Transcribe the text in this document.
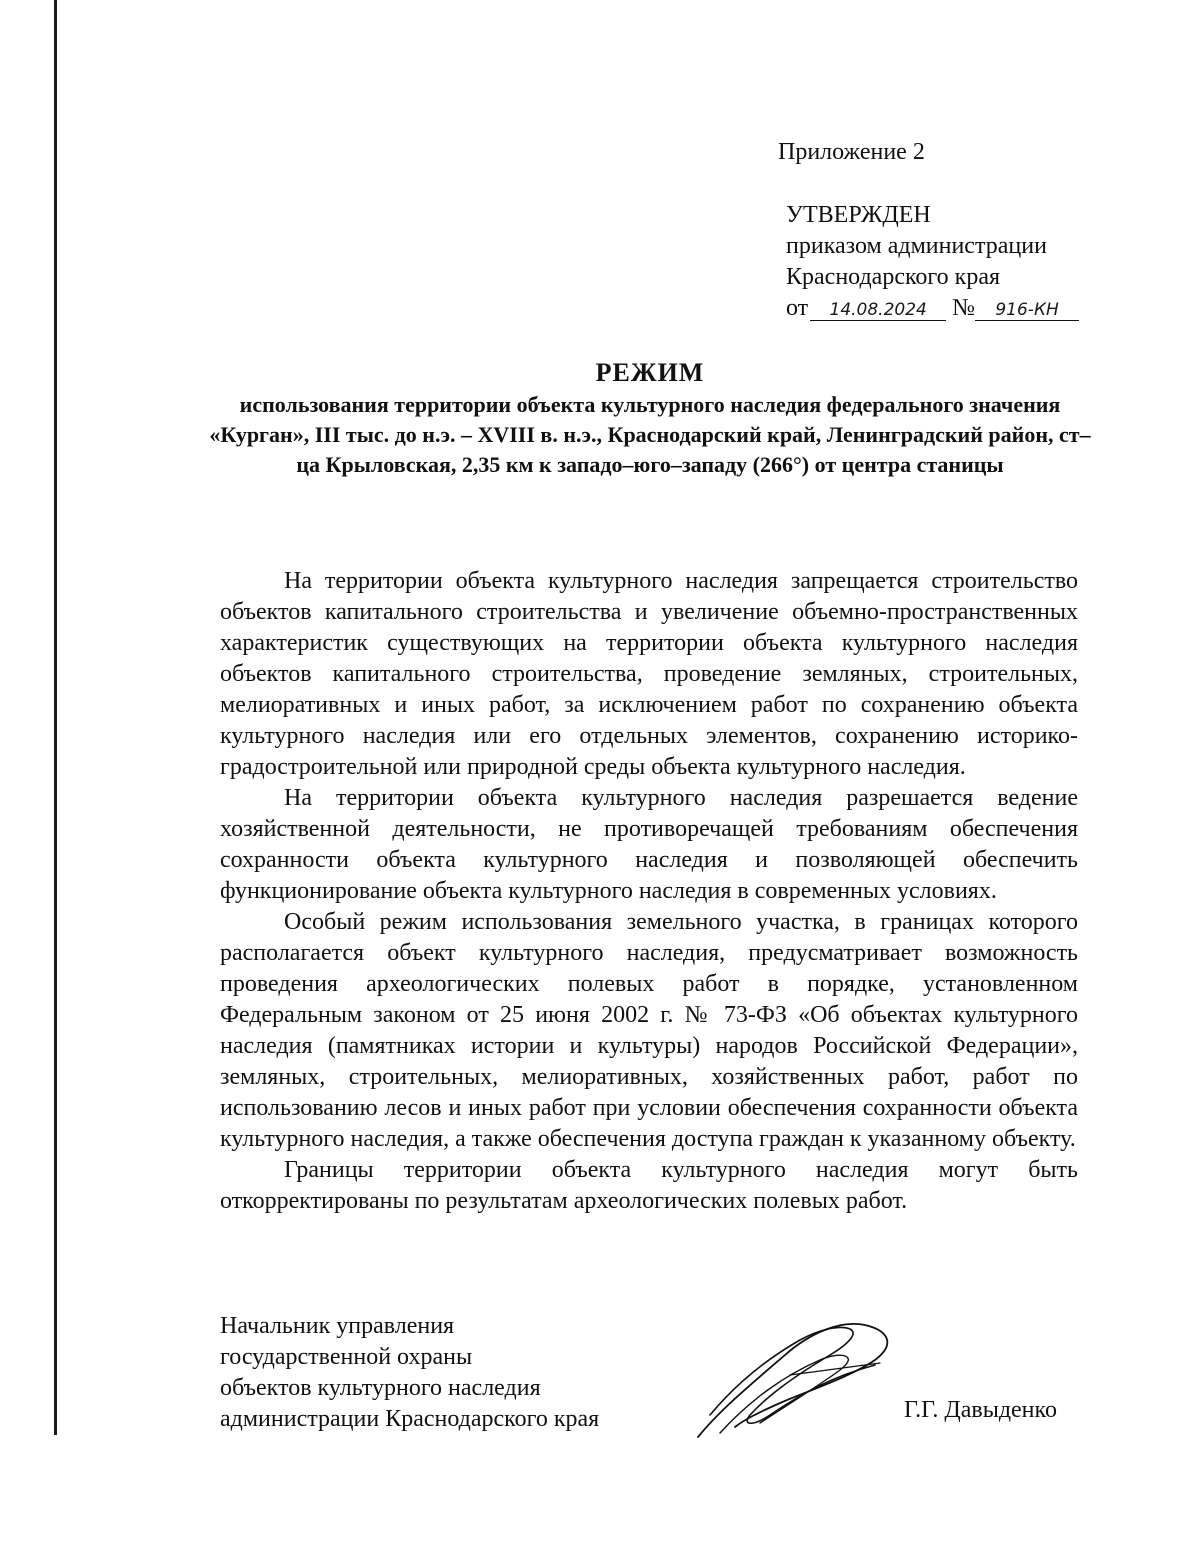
Приложение 2
УТВЕРЖДЕН
приказом администрации
Краснодарского края
от 14.08.2024 № 916-КН
РЕЖИМ
использования территории объекта культурного наследия федерального значения «Курган», III тыс. до н.э. – XVIII в. н.э., Краснодарский край, Ленинградский район, ст–ца Крыловская, 2,35 км к западо–юго–западу (266°) от центра станицы

На территории объекта культурного наследия запрещается строительство объектов капитального строительства и увеличение объемно-пространственных характеристик существующих на территории объекта культурного наследия объектов капитального строительства, проведение земляных, строительных, мелиоративных и иных работ, за исключением работ по сохранению объекта культурного наследия или его отдельных элементов, сохранению историко-градостроительной или природной среды объекта культурного наследия.

На территории объекта культурного наследия разрешается ведение хозяйственной деятельности, не противоречащей требованиям обеспечения сохранности объекта культурного наследия и позволяющей обеспечить функционирование объекта культурного наследия в современных условиях.

Особый режим использования земельного участка, в границах которого располагается объект культурного наследия, предусматривает возможность проведения археологических полевых работ в порядке, установленном Федеральным законом от 25 июня 2002 г. № 73-ФЗ «Об объектах культурного наследия (памятниках истории и культуры) народов Российской Федерации», земляных, строительных, мелиоративных, хозяйственных работ, работ по использованию лесов и иных работ при условии обеспечения сохранности объекта культурного наследия, а также обеспечения доступа граждан к указанному объекту.

Границы территории объекта культурного наследия могут быть откорректированы по результатам археологических полевых работ.

Начальник управления
государственной охраны
объектов культурного наследия
администрации Краснодарского края	Г.Г. Давыденко
